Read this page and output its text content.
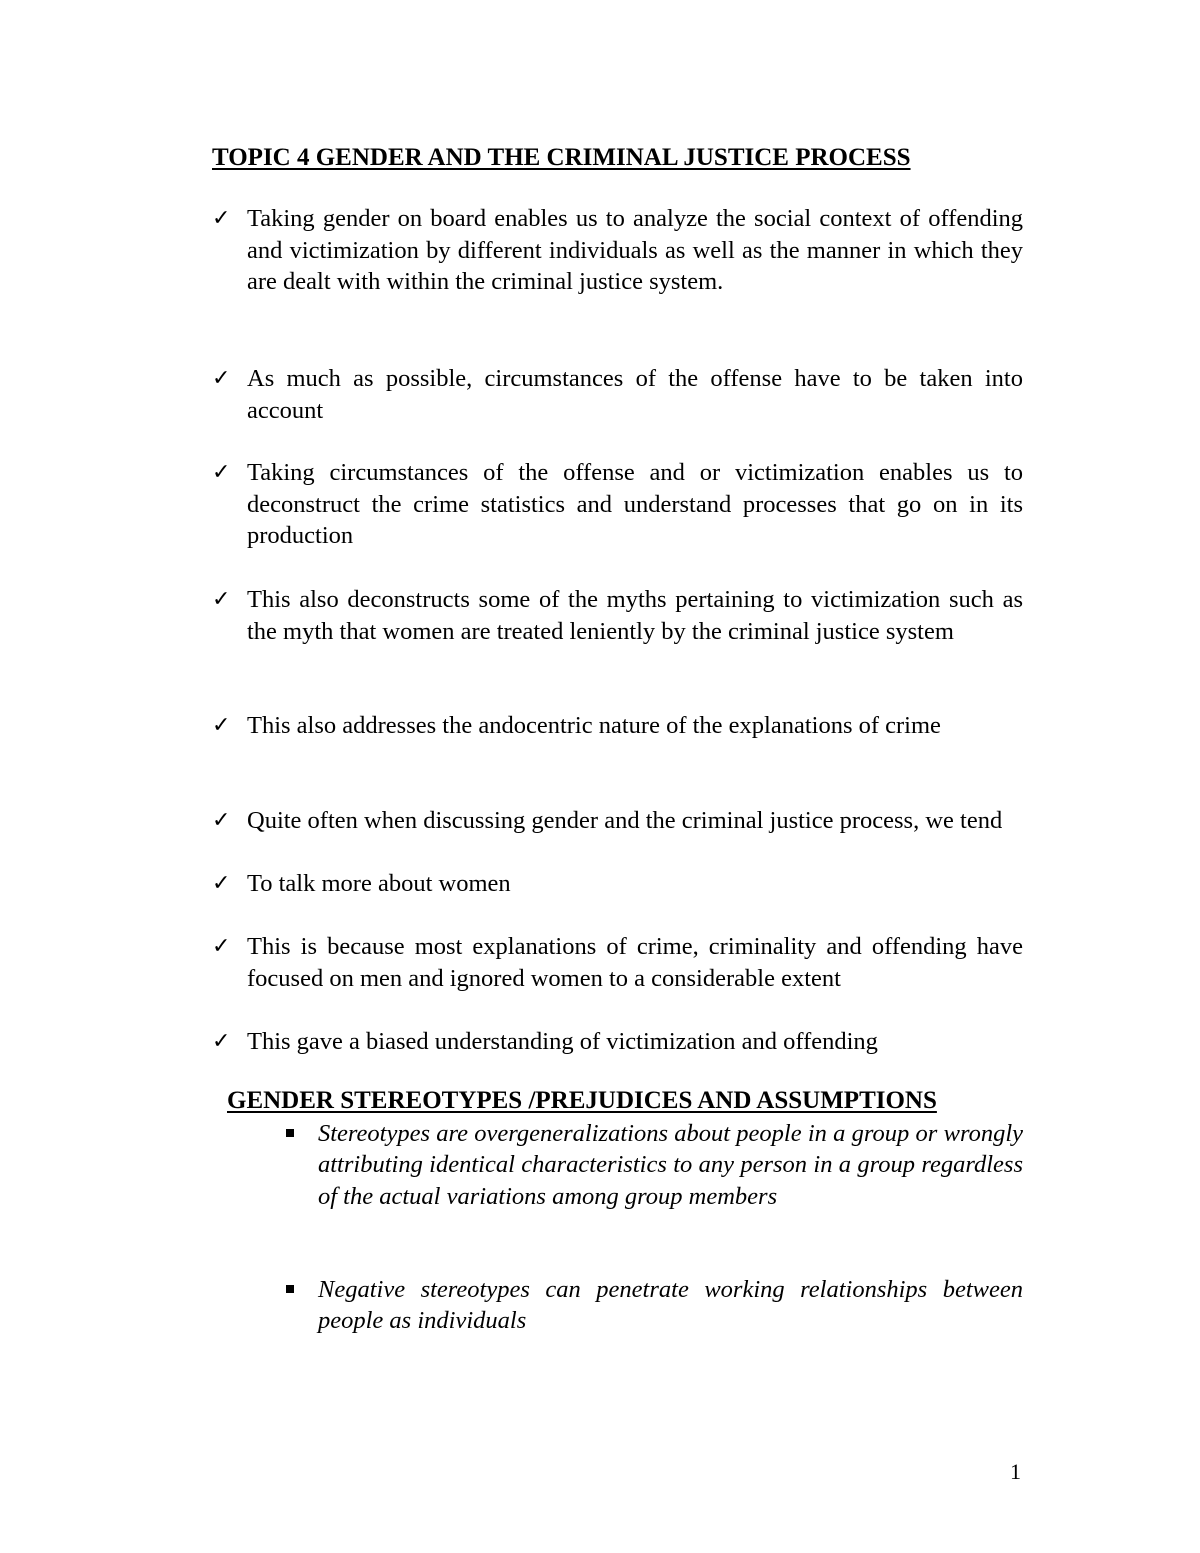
TOPIC 4 GENDER AND THE CRIMINAL JUSTICE PROCESS
✓ Taking gender on board enables us to analyze the social context of offending and victimization by different individuals as well as the manner in which they are dealt with within the criminal justice system.
✓ As much as possible, circumstances of the offense have to be taken into account
✓ Taking circumstances of the offense and or victimization enables us to deconstruct the crime statistics and understand processes that go on in its production
✓ This also deconstructs some of the myths pertaining to victimization such as the myth that women are treated leniently by the criminal justice system
✓ This also addresses the andocentric nature of the explanations of crime
✓ Quite often when discussing gender and the criminal justice process, we tend
✓ To talk more about women
✓ This is because most explanations of crime, criminality and offending have focused on men and ignored women to a considerable extent
✓ This gave a biased understanding of victimization and offending
GENDER STEREOTYPES /PREJUDICES AND ASSUMPTIONS
Stereotypes are overgeneralizations about people in a group or wrongly attributing identical characteristics to any person in a group regardless of the actual variations among group members
Negative stereotypes can penetrate working relationships between people as individuals
1
